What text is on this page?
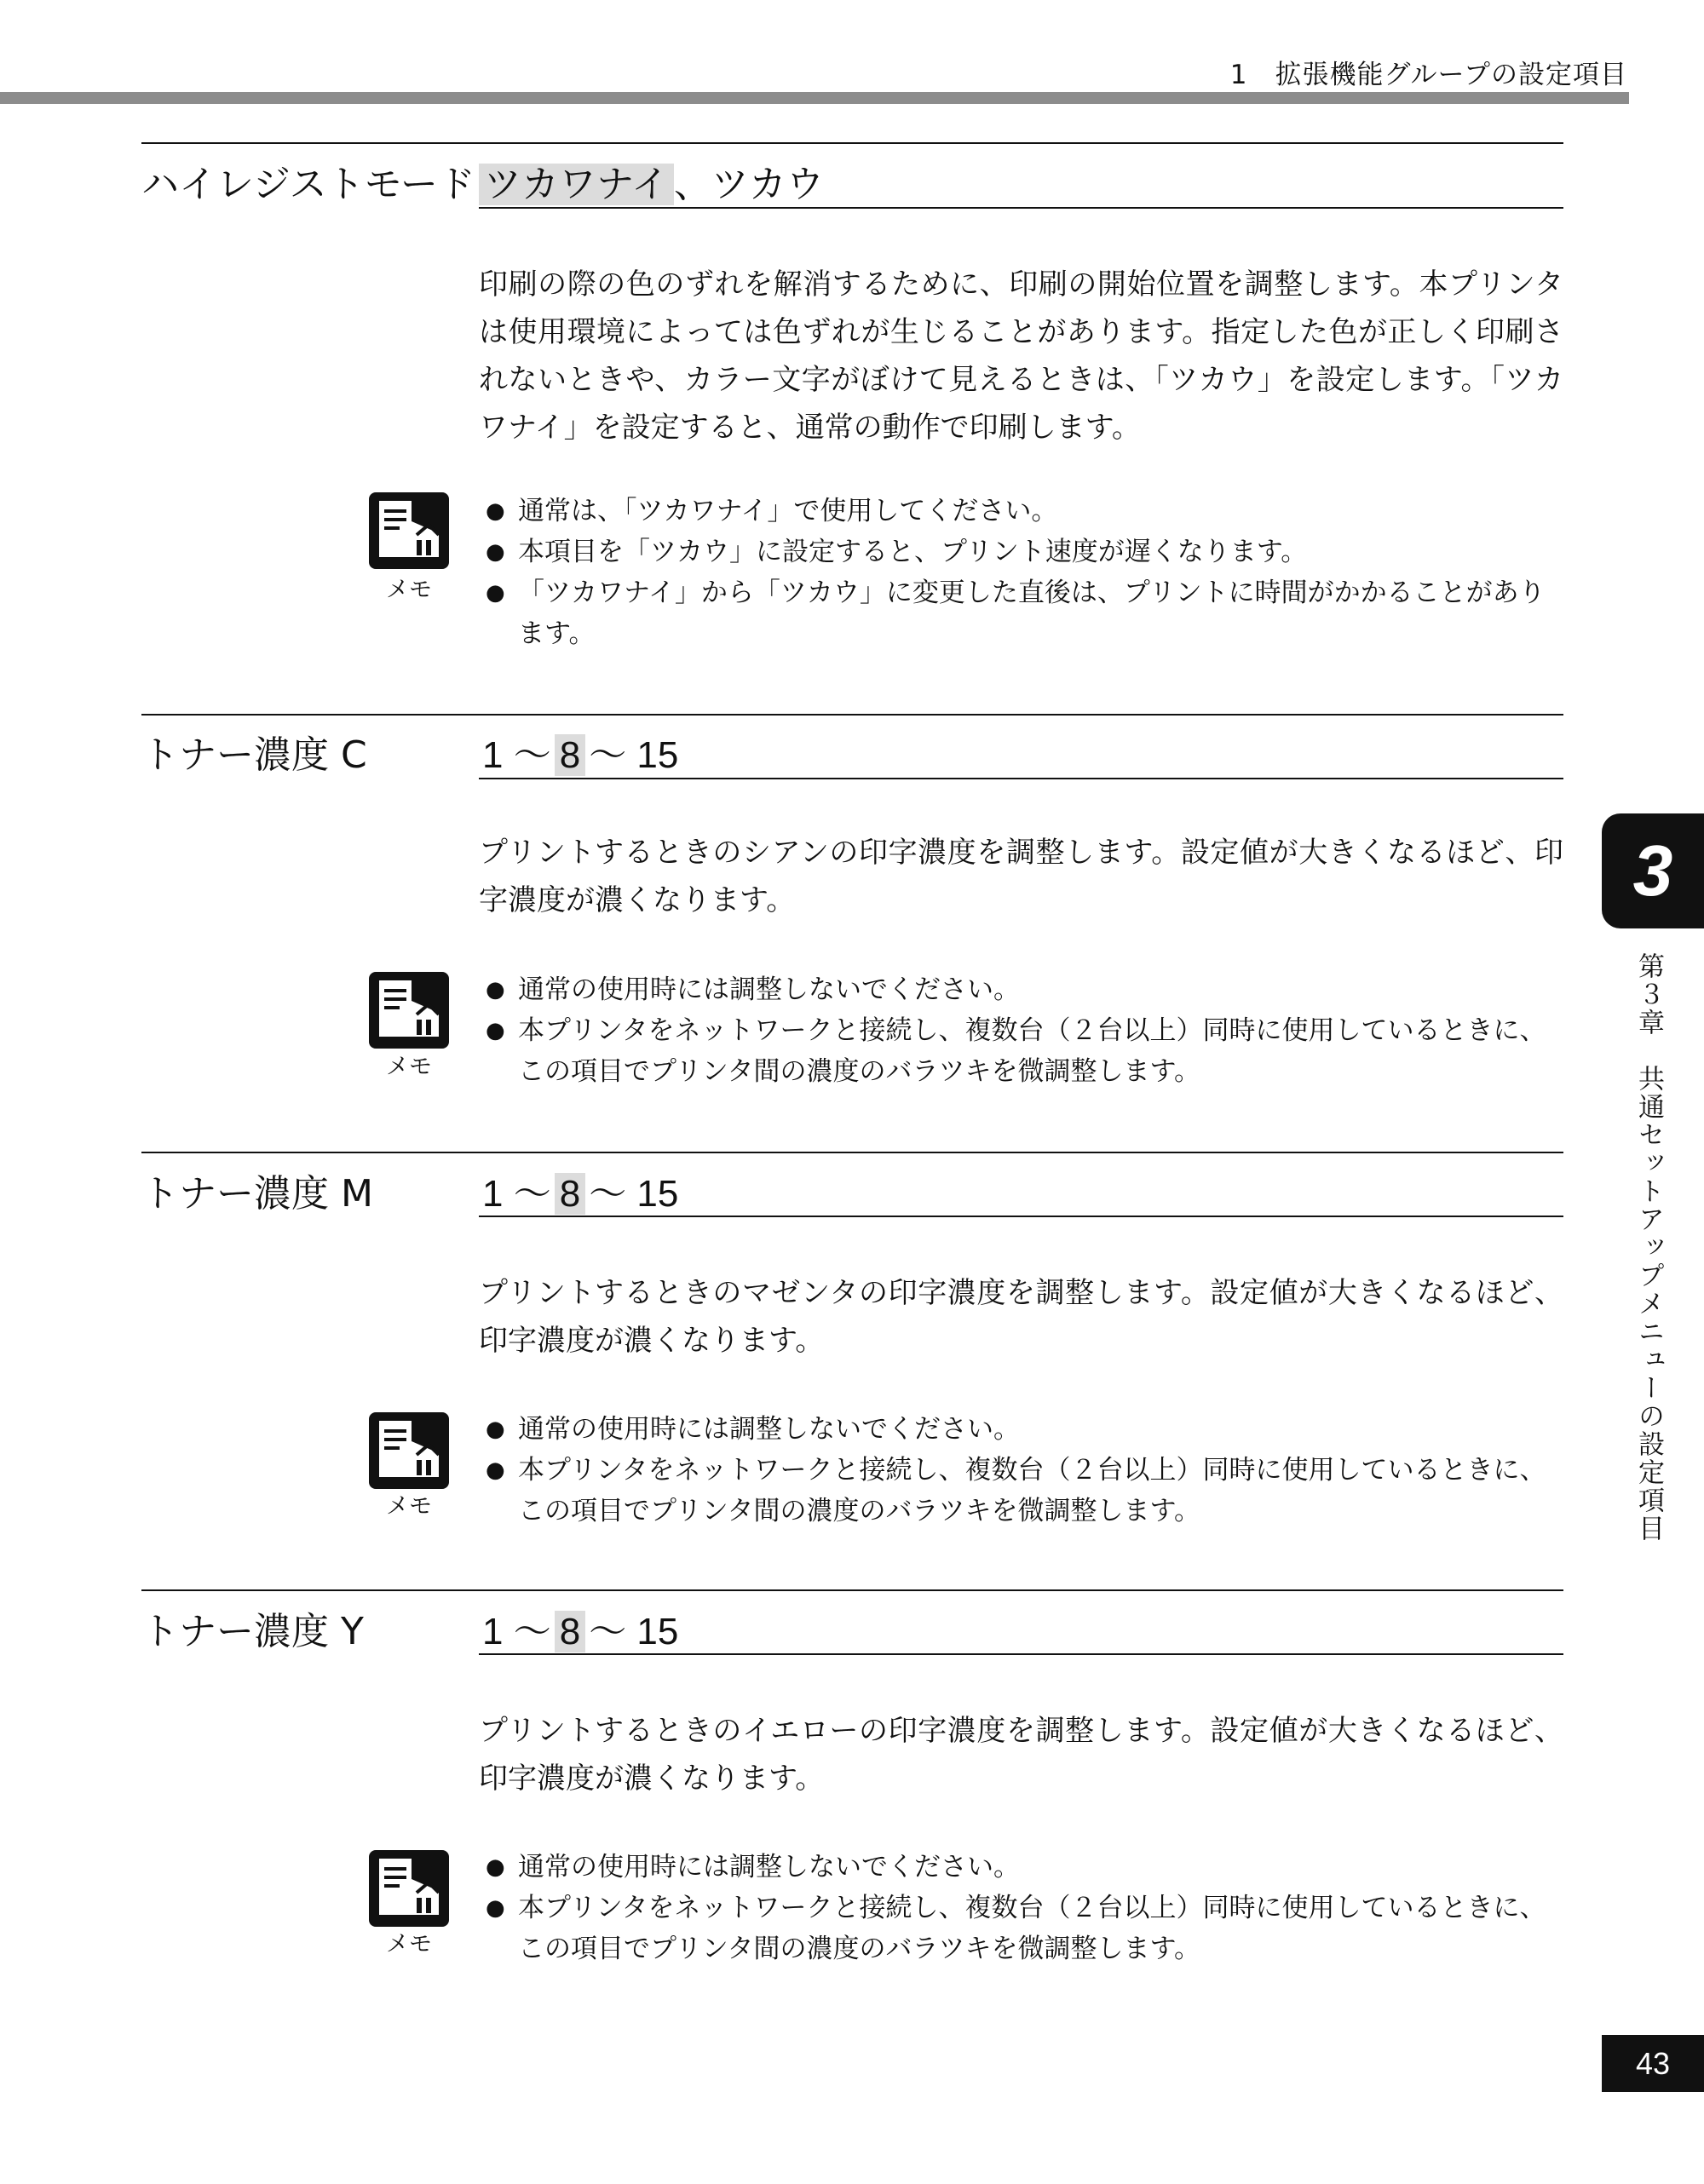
1　拡張機能グループの設定項目
ハイレジストモード ツカワナイ 、ツカウ
印刷の際の色のずれを解消するために、印刷の開始位置を調整します。本プリンタは使用環境によっては色ずれが生じることがあります。指定した色が正しく印刷されないときや、カラー文字がぼけて見えるときは、「ツカウ」を設定します。「ツカワナイ」を設定すると、通常の動作で印刷します。
メモ
● 通常は、「ツカワナイ」で使用してください。
● 本項目を「ツカウ」に設定すると、プリント速度が遅くなります。
● 「ツカワナイ」から「ツカウ」に変更した直後は、プリントに時間がかかることがあります。
トナー濃度 C	1 ～ 8 ～ 15
プリントするときのシアンの印字濃度を調整します。設定値が大きくなるほど、印字濃度が濃くなります。
メモ
● 通常の使用時には調整しないでください。
● 本プリンタをネットワークと接続し、複数台（２台以上）同時に使用しているときに、この項目でプリンタ間の濃度のバラツキを微調整します。
トナー濃度 M	1 ～ 8 ～ 15
プリントするときのマゼンタの印字濃度を調整します。設定値が大きくなるほど、印字濃度が濃くなります。
メモ
● 通常の使用時には調整しないでください。
● 本プリンタをネットワークと接続し、複数台（２台以上）同時に使用しているときに、この項目でプリンタ間の濃度のバラツキを微調整します。
トナー濃度 Y	1 ～ 8 ～ 15
プリントするときのイエローの印字濃度を調整します。設定値が大きくなるほど、印字濃度が濃くなります。
メモ
● 通常の使用時には調整しないでください。
● 本プリンタをネットワークと接続し、複数台（２台以上）同時に使用しているときに、この項目でプリンタ間の濃度のバラツキを微調整します。
3
第３章　共通セットアップメニューの設定項目
43
